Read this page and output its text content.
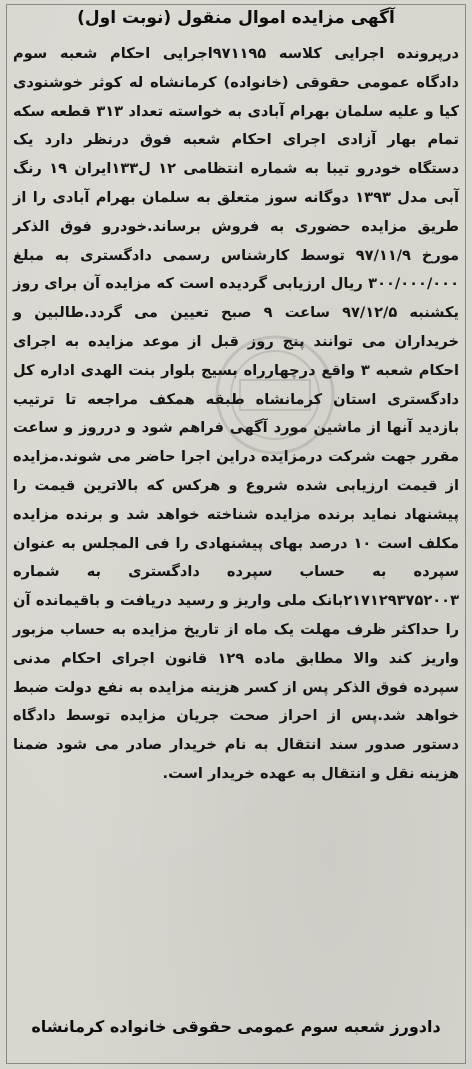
آگهی مزایده اموال منقول (نوبت اول)
درپرونده اجرایی کلاسه ۹۷۱۱۹۵اجرایی احکام شعبه سوم دادگاه عمومی حقوقی (خانواده) کرمانشاه له کوثر خوشنودی کیا و علیه سلمان بهرام آبادی به خواسته تعداد ۳۱۳ قطعه سکه تمام بهار آزادی اجرای احکام شعبه فوق درنظر دارد یک دستگاه خودرو تیبا به شماره انتظامی ۱۲ ل۱۳۳ایران ۱۹ رنگ آبی مدل ۱۳۹۳ دوگانه سوز متعلق به سلمان بهرام آبادی را از طریق مزایده حضوری به فروش برساند.خودرو فوق الذکر مورخ ۹۷/۱۱/۹ توسط کارشناس رسمی دادگستری به مبلغ ۳۰۰/۰۰۰/۰۰۰ ریال ارزیابی گردیده است که مزایده آن برای روز یکشنبه ۹۷/۱۲/۵ ساعت ۹ صبح تعیین می گردد.طالبین و خریداران می توانند پنج روز قبل از موعد مزایده به اجرای احکام شعبه ۳ واقع درچهارراه بسیج بلوار بنت الهدی اداره کل دادگستری استان کرمانشاه طبقه همکف مراجعه تا ترتیب بازدید آنها از ماشین مورد آگهی فراهم شود و درروز و ساعت مقرر جهت شرکت درمزایده دراین اجرا حاضر می شوند.مزایده از قیمت ارزیابی شده شروع و هرکس که بالاترین قیمت را پیشنهاد نماید برنده مزایده شناخته خواهد شد و برنده مزایده مکلف است ۱۰ درصد بهای پیشنهادی را فی المجلس به عنوان سپرده به حساب سپرده دادگستری به شماره ۲۱۷۱۲۹۳۷۵۲۰۰۳بانک ملی واریز و رسید دریافت و باقیمانده آن را حداکثر ظرف مهلت یک ماه از تاریخ مزایده به حساب مزبور واریز کند والا مطابق ماده ۱۲۹ قانون اجرای احکام مدنی سپرده فوق الذکر پس از کسر هزینه مزایده به نفع دولت ضبط خواهد شد.پس از احراز صحت جریان مزایده توسط دادگاه دستور صدور سند انتقال به نام خریدار صادر می شود ضمنا هزینه نقل و انتقال به عهده خریدار است.
دادورز شعبه سوم عمومی حقوقی خانواده کرمانشاه
